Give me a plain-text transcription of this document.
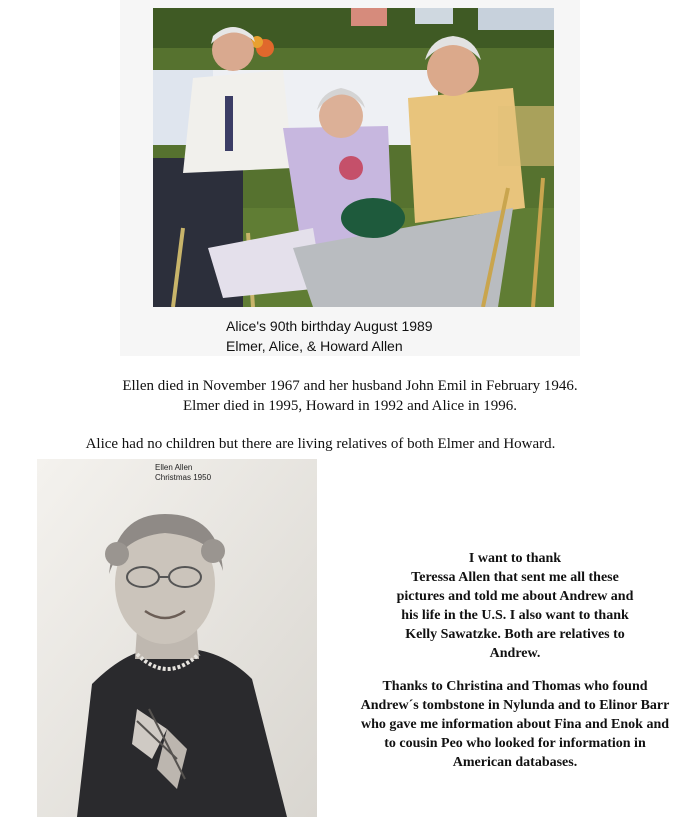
Alice's 90th birthday August 1989
Elmer, Alice, & Howard Allen
Ellen died in November 1967 and her husband John Emil in February 1946.
Elmer died in 1995, Howard in 1992 and Alice in 1996.
Alice had no children but there are living relatives of both Elmer and Howard.
Ellen Allen
Christmas 1950
I want to thank
Teressa Allen that sent me all these
pictures and told me about Andrew and
his life in the U.S. I also want to thank
Kelly Sawatzke. Both are relatives to
Andrew.
Thanks to Christina and Thomas who found
Andrew´s tombstone in Nylunda and to Elinor Barr
who gave me information about Fina and Enok and
to cousin Peo who looked for information in
American databases.
